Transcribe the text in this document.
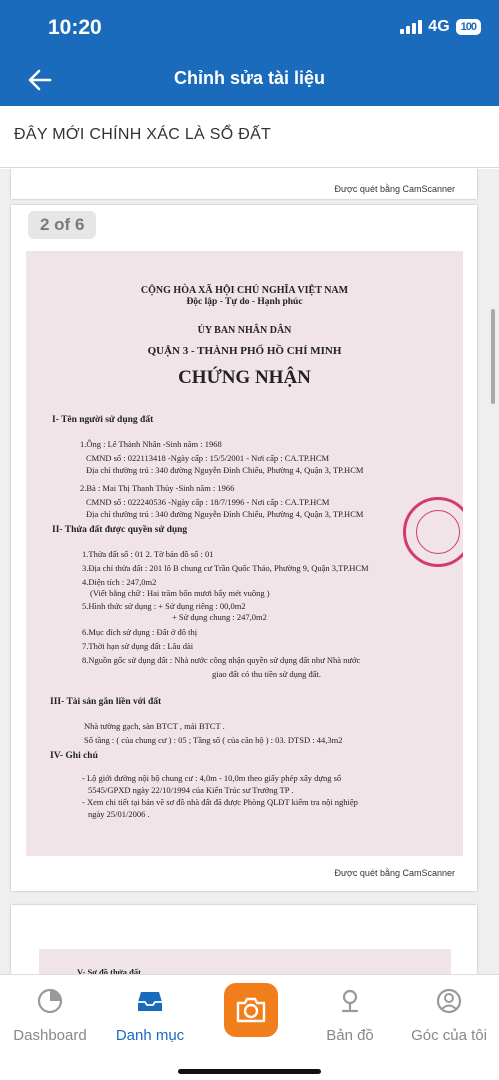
10:20	4G	100
Chỉnh sửa tài liệu
ĐÂY MỚI CHÍNH XÁC LÀ SỔ ĐẤT
Được quét bằng CamScanner
2 of 6
CỘNG HÒA XÃ HỘI CHỦ NGHĨA VIỆT NAM
Độc lập - Tự do - Hạnh phúc
ỦY BAN NHÂN DÂN
QUẬN 3 - THÀNH PHỐ HỒ CHÍ MINH
CHỨNG NHẬN
I- Tên người sử dụng đất
1.Ông : Lê Thành Nhân -Sinh năm : 1968
CMND số : 022113418 -Ngày cấp : 15/5/2001 - Nơi cấp : CA.TP.HCM
Địa chỉ thường trú : 340 đường Nguyễn Đình Chiểu, Phường 4, Quận 3, TP.HCM
2.Bà : Mai Thị Thanh Thủy -Sinh năm : 1966
CMND số : 022240536 -Ngày cấp : 18/7/1996 - Nơi cấp : CA.TP.HCM
Địa chỉ thường trú : 340 đường Nguyễn Đình Chiểu, Phường 4, Quận 3, TP.HCM
II- Thửa đất được quyền sử dụng
1.Thửa đất số : 01 2. Tờ bản đồ số : 01
3.Địa chỉ thửa đất : 201 lô B chung cư Trần Quốc Thảo, Phường 9, Quận 3,TP.HCM
4.Diện tích : 247,0m2
(Viết bằng chữ : Hai trăm bốn mươi bẩy mét vuông )
5.Hình thức sử dụng : + Sử dụng riêng : 00,0m2
+ Sử dụng chung : 247,0m2
6.Mục đích sử dụng : Đất ở đô thị
7.Thời hạn sử dụng đất : Lâu dài
8.Nguồn gốc sử dụng đất : Nhà nước công nhận quyền sử dụng đất như Nhà nước
giao đất có thu tiền sử dụng đất.
III- Tài sản gắn liền với đất
Nhà tường gạch, sàn BTCT , mái BTCT .
Số tầng : ( của chung cư ) : 05 ; Tầng số ( của căn hộ ) : 03. DTSD : 44,3m2
IV- Ghi chú
- Lộ giới đường nội bộ chung cư : 4,0m - 10,0m theo giấy phép xây dựng số
5545/GPXD ngày 22/10/1994 của Kiến Trúc sư Trưởng TP .
- Xem chi tiết tại bản vẽ sơ đồ nhà đất đã được Phòng QLĐT kiểm tra nội nghiệp
ngày 25/01/2006 .
Được quét bằng CamScanner
V- Sơ đồ thửa đất
Dashboard	Danh mục	Bản đồ	Góc của tôi
